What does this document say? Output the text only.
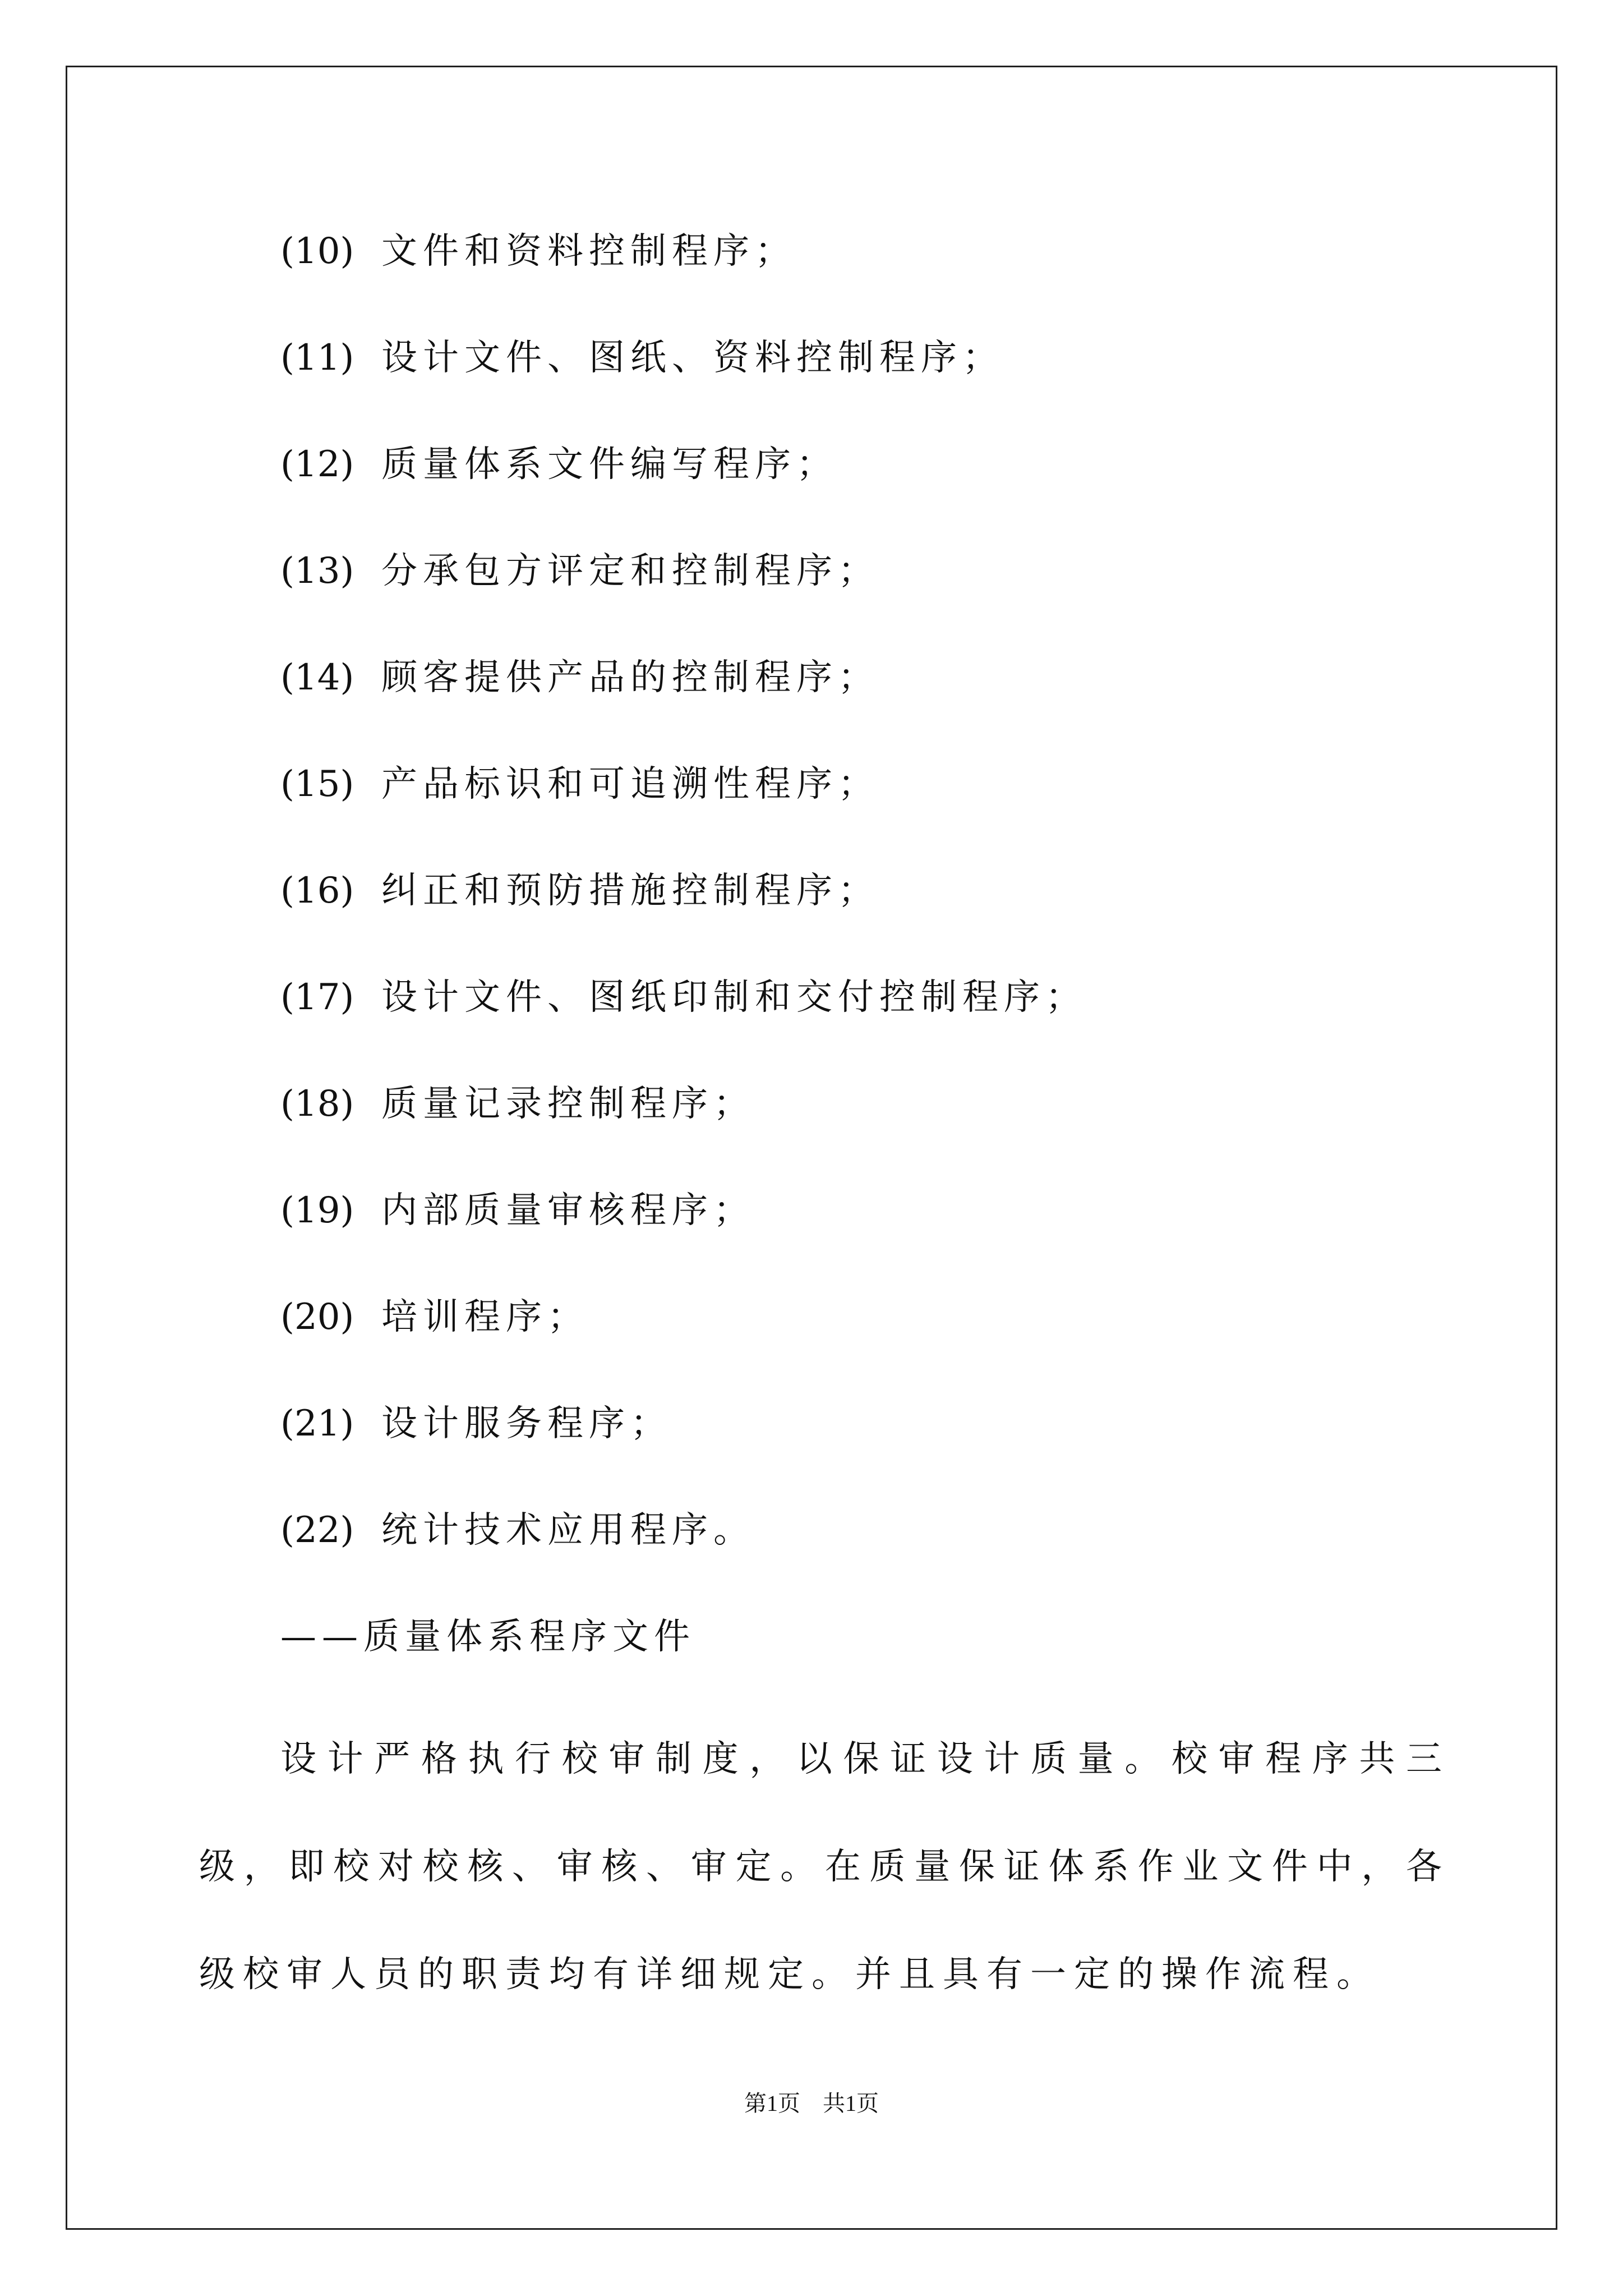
(10) 文件和资料控制程序；
(11) 设计文件、图纸、资料控制程序；
(12) 质量体系文件编写程序；
(13) 分承包方评定和控制程序；
(14) 顾客提供产品的控制程序；
(15) 产品标识和可追溯性程序；
(16) 纠正和预防措施控制程序；
(17) 设计文件、图纸印制和交付控制程序；
(18) 质量记录控制程序；
(19) 内部质量审核程序；
(20) 培训程序；
(21) 设计服务程序；
(22) 统计技术应用程序。
——质量体系程序文件
设计严格执行校审制度，以保证设计质量。校审程序共三级，即校对校核、审核、审定。在质量保证体系作业文件中，各级校审人员的职责均有详细规定。并且具有一定的操作流程。
第1页　共1页
